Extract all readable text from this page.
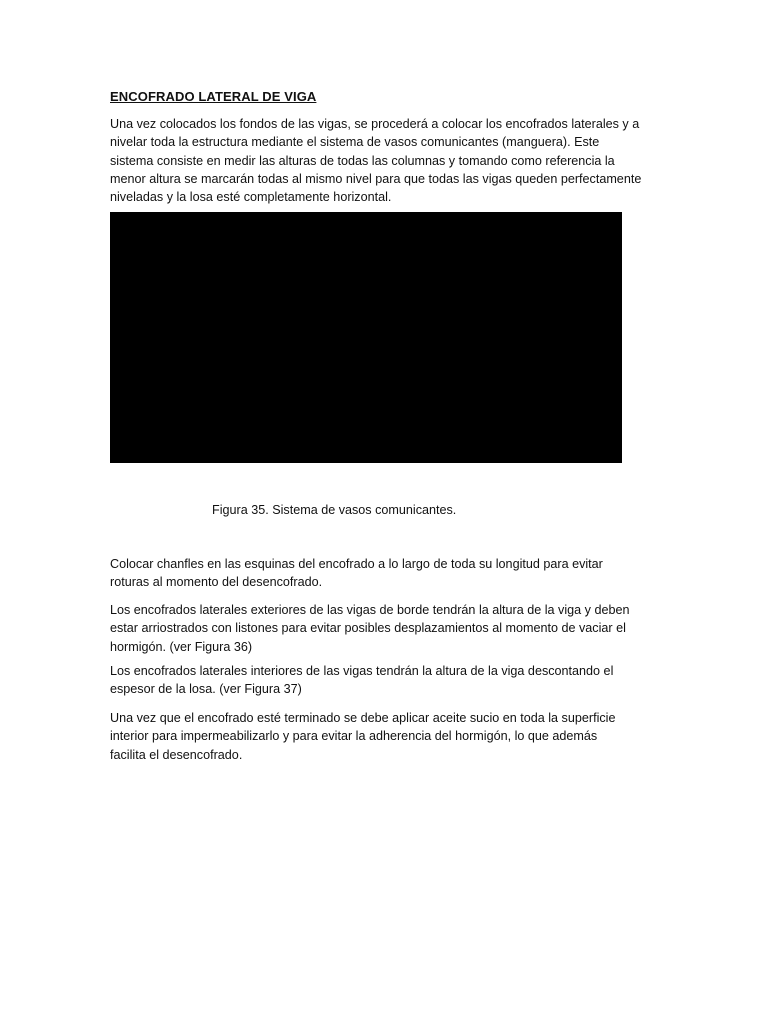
ENCOFRADO LATERAL DE VIGA
Una vez colocados los fondos de las vigas, se procederá a colocar los encofrados laterales y a
nivelar toda la estructura mediante el sistema de vasos comunicantes (manguera). Este
sistema consiste en medir las alturas de todas las columnas y tomando como referencia la
menor altura se marcarán todas al mismo nivel para que todas las vigas queden perfectamente
niveladas y la losa esté completamente horizontal.
Figura 35. Sistema de vasos comunicantes.
Colocar chanfles en las esquinas del encofrado a lo largo de toda su longitud para evitar
roturas al momento del desencofrado.
Los encofrados laterales exteriores de las vigas de borde tendrán la altura de la viga y deben
estar arriostrados con listones para evitar posibles desplazamientos al momento de vaciar el
hormigón. (ver Figura 36)
Los encofrados laterales interiores de las vigas tendrán la altura de la viga descontando el
espesor de la losa. (ver Figura 37)
Una vez que el encofrado esté terminado se debe aplicar aceite sucio en toda la superficie
interior para impermeabilizarlo y para evitar la adherencia del hormigón, lo que además
facilita el desencofrado.
